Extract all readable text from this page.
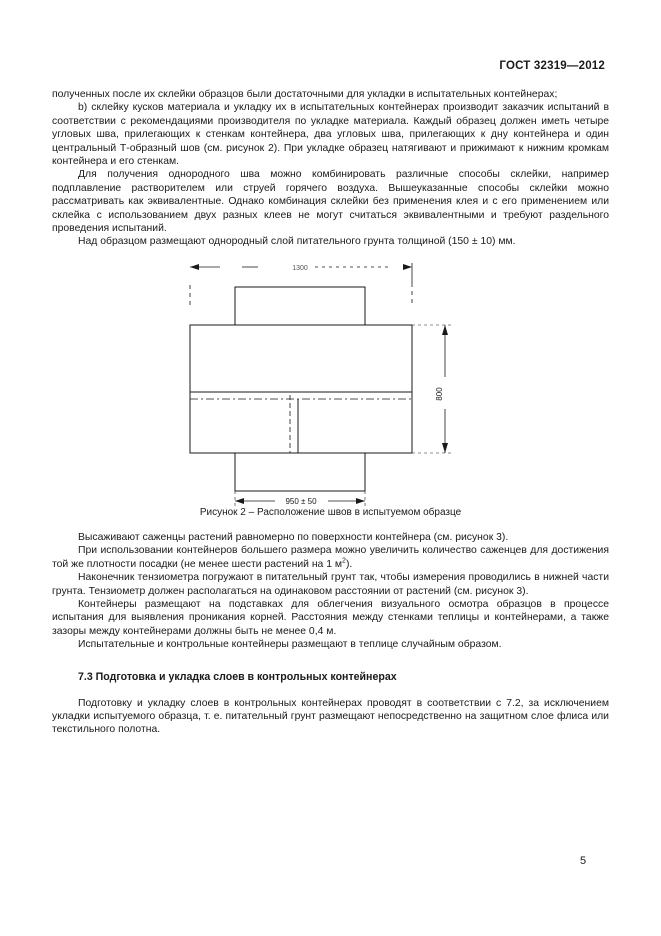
ГОСТ 32319—2012

полученных после их склейки образцов были достаточными для укладки в испытательных контейнерах;

b) склейку кусков материала и укладку их в испытательных контейнерах производит заказчик испытаний в соответствии с рекомендациями производителя по укладке материала. Каждый образец должен иметь четыре угловых шва, прилегающих к стенкам контейнера, два угловых шва, прилегающих к дну контейнера и один центральный Т-образный шов (см. рисунок 2). При укладке образец натягивают и прижимают к нижним кромкам контейнера и его стенкам.

Для получения однородного шва можно комбинировать различные способы склейки, например подплавление растворителем или струей горячего воздуха. Вышеуказанные способы склейки можно рассматривать как эквивалентные. Однако комбинация склейки без применения клея и с его применением или склейка с использованием двух разных клеев не могут считаться эквивалентными и требуют раздельного проведения испытаний.

Над образцом размещают однородный слой питательного грунта толщиной (150 ± 10) мм.

1300
800
950 ± 50
Рисунок 2 – Расположение швов в испытуемом образце

Высаживают саженцы растений равномерно по поверхности контейнера (см. рисунок 3).

При использовании контейнеров большего размера можно увеличить количество саженцев для достижения той же плотности посадки (не менее шести растений на 1 $м^2$).

Наконечник тензиометра погружают в питательный грунт так, чтобы измерения проводились в нижней части грунта. Тензиометр должен располагаться на одинаковом расстоянии от растений (см. рисунок 3).

Контейнеры размещают на подставках для облегчения визуального осмотра образцов в процессе испытания для выявления проникания корней. Расстояния между стенками теплицы и контейнерами, а также зазоры между контейнерами должны быть не менее 0,4 м.

Испытательные и контрольные контейнеры размещают в теплице случайным образом.

7.3 Подготовка и укладка слоев в контрольных контейнерах

Подготовку и укладку слоев в контрольных контейнерах проводят в соответствии с 7.2, за исключением укладки испытуемого образца, т. е. питательный грунт размещают непосредственно на защитном слое флиса или текстильного полотна.

5
